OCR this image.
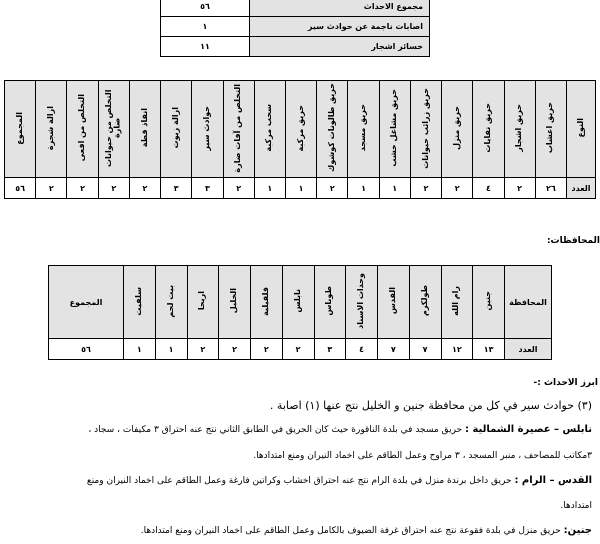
٥٦	مجموع الاحداث
١	اصابات ناجمة عن حوادث سير
١١	خسائر اشجار
المجموع	ازالة شجرة	التخلص من افعى	التخلص من حيوانات ضارة	انقاذ قطة	ازالة زيوت	حوادث سير	التخلص من آفات ضارة	سحب مركبة	حريق مركبة	حريق طالونات كوشوك	حريق مسجد	حريق مشاغل خشب	حريق زرائب حيوانات	حريق منزل	حريق نفايات	حريق اشجار	حريق اعشاب	النوع
٥٦	٢	٢	٢	٢	٣	٣	٢	١	١	٢	١	١	٢	٢	٤	٢	٢٦	العدد
المحافظات:
المجموع	سلفيت	بيت لحم	اريحا	الخليل	قلقيلية	نابلس	طوباس	وحدات الاسناد	القدس	طولكرم	رام الله	جنين	المحافظة
٥٦	١	١	٢	٢	٢	٢	٣	٤	٧	٧	١٢	١٣	العدد
ابرز الاحداث :-
(٣) حوادث سير في كل من محافظة جنين و الخليل نتج عنها (١) اصابة .
نابلس – عصيرة الشمالية : حريق مسجد في بلدة الناقورة حيث كان الحريق في الطابق الثاني نتج عنه احتراق ٣ مكيفات ، سجاد ،
٣مكاتب للمصاحف ، منبر المسجد ، ٣ مراوح وعمل الطاقم على اخماد النيران ومنع امتدادها.
القدس – الرام : حريق داخل برندة منزل في بلدة الرام نتج عنه احتراق اخشاب وكراتين فارغة وعمل الطاقم على اخماد النيران ومنع
امتدادها.
جنين: حريق منزل في بلدة فقوعة نتج عنه احتراق غرفة الضيوف بالكامل وعمل الطاقم على اخماد النيران ومنع امتدادها.
